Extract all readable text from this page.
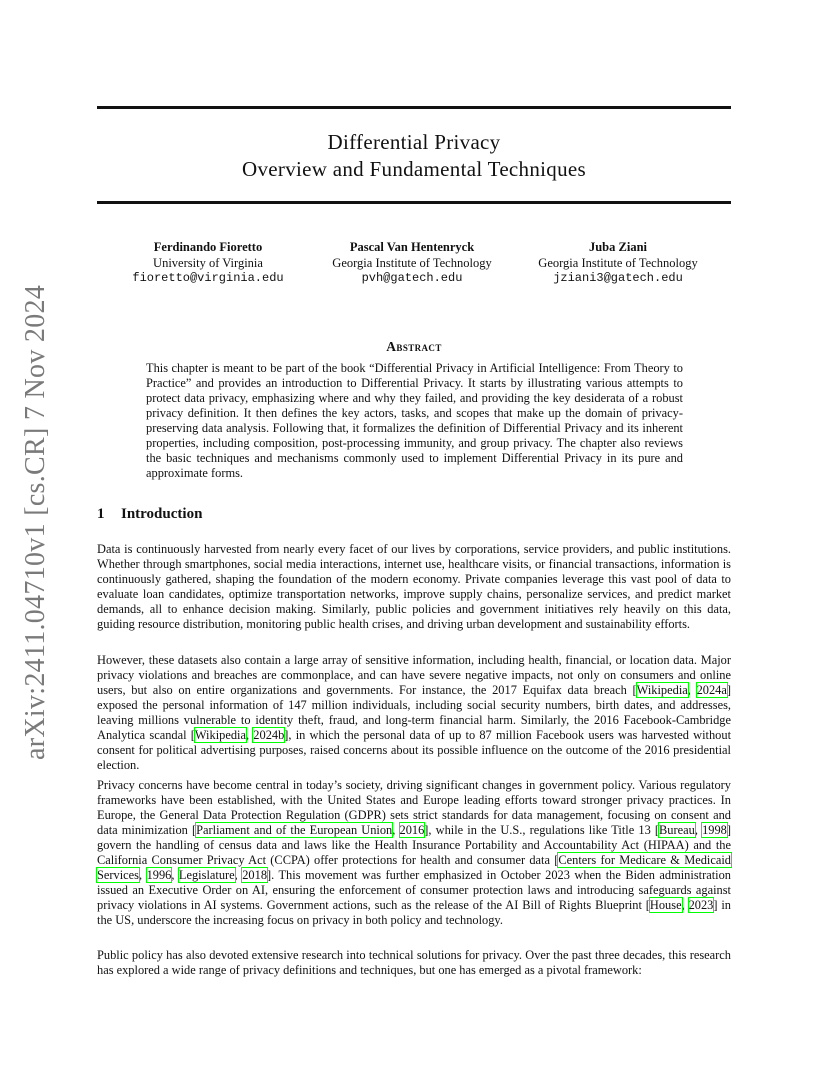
arXiv:2411.04710v1 [cs.CR] 7 Nov 2024
Differential Privacy
Overview and Fundamental Techniques
Ferdinando Fioretto
University of Virginia
fioretto@virginia.edu
Pascal Van Hentenryck
Georgia Institute of Technology
pvh@gatech.edu
Juba Ziani
Georgia Institute of Technology
jziani3@gatech.edu
Abstract
This chapter is meant to be part of the book “Differential Privacy in Artificial Intelligence: From Theory to Practice” and provides an introduction to Differential Privacy. It starts by illustrating various attempts to protect data privacy, emphasizing where and why they failed, and providing the key desiderata of a robust privacy definition. It then defines the key actors, tasks, and scopes that make up the domain of privacy-preserving data analysis. Following that, it formalizes the definition of Differential Privacy and its inherent properties, including composition, post-processing immunity, and group privacy. The chapter also reviews the basic techniques and mechanisms commonly used to implement Differential Privacy in its pure and approximate forms.
1 Introduction

Data is continuously harvested from nearly every facet of our lives by corporations, service providers, and public institutions. Whether through smartphones, social media interactions, internet use, healthcare visits, or financial transactions, information is continuously gathered, shaping the foundation of the modern economy. Private companies leverage this vast pool of data to evaluate loan candidates, optimize transportation networks, improve supply chains, personalize services, and predict market demands, all to enhance decision making. Similarly, public policies and government initiatives rely heavily on this data, guiding resource distribution, monitoring public health crises, and driving urban development and sustainability efforts.

However, these datasets also contain a large array of sensitive information, including health, financial, or location data. Major privacy violations and breaches are commonplace, and can have severe negative impacts, not only on consumers and online users, but also on entire organizations and governments. For instance, the 2017 Equifax data breach [Wikipedia, 2024a] exposed the personal information of 147 million individuals, including social security numbers, birth dates, and addresses, leaving millions vulnerable to identity theft, fraud, and long-term financial harm. Similarly, the 2016 Facebook-Cambridge Analytica scandal [Wikipedia, 2024b], in which the personal data of up to 87 million Facebook users was harvested without consent for political advertising purposes, raised concerns about its possible influence on the outcome of the 2016 presidential election.

Privacy concerns have become central in today’s society, driving significant changes in government policy. Various regulatory frameworks have been established, with the United States and Europe leading efforts toward stronger privacy practices. In Europe, the General Data Protection Regulation (GDPR) sets strict standards for data management, focusing on consent and data minimization [Parliament and of the European Union, 2016], while in the U.S., regulations like Title 13 [Bureau, 1998] govern the handling of census data and laws like the Health Insurance Portability and Accountability Act (HIPAA) and the California Consumer Privacy Act (CCPA) offer protections for health and consumer data [Centers for Medicare & Medicaid Services, 1996, Legislature, 2018]. This movement was further emphasized in October 2023 when the Biden administration issued an Executive Order on AI, ensuring the enforcement of consumer protection laws and introducing safeguards against privacy violations in AI systems. Government actions, such as the release of the AI Bill of Rights Blueprint [House, 2023] in the US, underscore the increasing focus on privacy in both policy and technology.

Public policy has also devoted extensive research into technical solutions for privacy. Over the past three decades, this research has explored a wide range of privacy definitions and techniques, but one has emerged as a pivotal framework:
